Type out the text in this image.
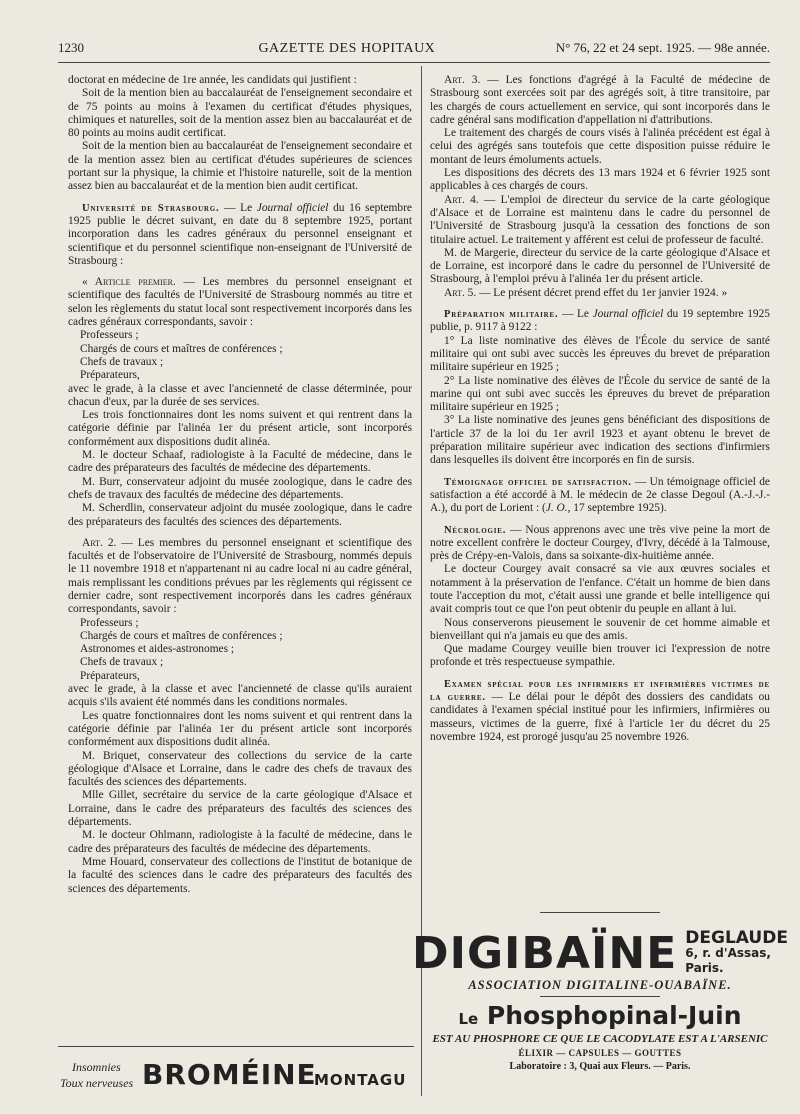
1230	GAZETTE DES HOPITAUX	N° 76, 22 et 24 sept. 1925. — 98e année.

doctorat en médecine de 1re année, les candidats qui justifient :

Soit de la mention bien au baccalauréat de l'enseignement secondaire et de 75 points au moins à l'examen du certificat d'études physiques, chimiques et naturelles, soit de la mention assez bien au baccalauréat et de 80 points au moins audit certificat.

Soit de la mention bien au baccalauréat de l'enseignement secondaire et de la mention assez bien au certificat d'études supérieures de sciences portant sur la physique, la chimie et l'histoire naturelle, soit de la mention assez bien au baccalauréat et de la mention bien audit certificat.

Université de Strasbourg. — Le Journal officiel du 16 septembre 1925 publie le décret suivant, en date du 8 septembre 1925, portant incorporation dans les cadres généraux du personnel enseignant et scientifique et du personnel scientifique non-enseignant de l'Université de Strasbourg :

« Article premier. — Les membres du personnel enseignant et scientifique des facultés de l'Université de Strasbourg nommés au titre et selon les règlements du statut local sont respectivement incorporés dans les cadres généraux correspondants, savoir :

Professeurs ;

Chargés de cours et maîtres de conférences ;

Chefs de travaux ;

Préparateurs,

avec le grade, à la classe et avec l'ancienneté de classe déterminée, pour chacun d'eux, par la durée de ses services.

Les trois fonctionnaires dont les noms suivent et qui rentrent dans la catégorie définie par l'alinéa 1er du présent article, sont incorporés conformément aux dispositions dudit alinéa.

M. le docteur Schaaf, radiologiste à la Faculté de médecine, dans le cadre des préparateurs des facultés de médecine des départements.

M. Burr, conservateur adjoint du musée zoologique, dans le cadre des chefs de travaux des facultés de médecine des départements.

M. Scherdlin, conservateur adjoint du musée zoologique, dans le cadre des préparateurs des facultés des sciences des départements.

Art. 2. — Les membres du personnel enseignant et scientifique des facultés et de l'observatoire de l'Université de Strasbourg, nommés depuis le 11 novembre 1918 et n'appartenant ni au cadre local ni au cadre général, mais remplissant les conditions prévues par les règlements qui régissent ce dernier cadre, sont respectivement incorporés dans les cadres généraux correspondants, savoir :

Professeurs ;

Chargés de cours et maîtres de conférences ;

Astronomes et aides-astronomes ;

Chefs de travaux ;

Préparateurs,

avec le grade, à la classe et avec l'ancienneté de classe qu'ils auraient acquis s'ils avaient été nommés dans les conditions normales.

Les quatre fonctionnaires dont les noms suivent et qui rentrent dans la catégorie définie par l'alinéa 1er du présent article sont incorporés conformément aux dispositions dudit alinéa.

M. Briquet, conservateur des collections du service de la carte géologique d'Alsace et Lorraine, dans le cadre des chefs de travaux des facultés des sciences des départements.

Mlle Gillet, secrétaire du service de la carte géologique d'Alsace et Lorraine, dans le cadre des préparateurs des facultés des sciences des départements.

M. le docteur Ohlmann, radiologiste à la faculté de médecine, dans le cadre des préparateurs des facultés de médecine des départements.

Mme Houard, conservateur des collections de l'institut de botanique de la faculté des sciences dans le cadre des préparateurs des facultés des sciences des départements.

Art. 3. — Les fonctions d'agrégé à la Faculté de médecine de Strasbourg sont exercées soit par des agrégés soit, à titre transitoire, par les chargés de cours actuellement en service, qui sont incorporés dans le cadre général sans modification d'appellation ni d'attributions.

Le traitement des chargés de cours visés à l'alinéa précédent est égal à celui des agrégés sans toutefois que cette disposition puisse réduire le montant de leurs émoluments actuels.

Les dispositions des décrets des 13 mars 1924 et 6 février 1925 sont applicables à ces chargés de cours.

Art. 4. — L'emploi de directeur du service de la carte géologique d'Alsace et de Lorraine est maintenu dans le cadre du personnel de l'Université de Strasbourg jusqu'à la cessation des fonctions de son titulaire actuel. Le traitement y afférent est celui de professeur de faculté.

M. de Margerie, directeur du service de la carte géologique d'Alsace et de Lorraine, est incorporé dans le cadre du personnel de l'Université de Strasbourg, à l'emploi prévu à l'alinéa 1er du présent article.

Art. 5. — Le présent décret prend effet du 1er janvier 1924. »

Préparation militaire. — Le Journal officiel du 19 septembre 1925 publie, p. 9117 à 9122 :

1° La liste nominative des élèves de l'École du service de santé militaire qui ont subi avec succès les épreuves du brevet de préparation militaire supérieur en 1925 ;

2° La liste nominative des élèves de l'École du service de santé de la marine qui ont subi avec succès les épreuves du brevet de préparation militaire supérieur en 1925 ;

3° La liste nominative des jeunes gens bénéficiant des dispositions de l'article 37 de la loi du 1er avril 1923 et ayant obtenu le brevet de préparation militaire supérieur avec indication des sections d'infirmiers dans lesquelles ils doivent être incorporés en fin de sursis.

Témoignage officiel de satisfaction. — Un témoignage officiel de satisfaction a été accordé à M. le médecin de 2e classe Degoul (A.-J.-J.-A.), du port de Lorient : (J. O., 17 septembre 1925).

Nécrologie. — Nous apprenons avec une très vive peine la mort de notre excellent confrère le docteur Courgey, d'Ivry, décédé à la Talmouse, près de Crépy-en-Valois, dans sa soixante-dix-huitième année.

Le docteur Courgey avait consacré sa vie aux œuvres sociales et notamment à la préservation de l'enfance. C'était un homme de bien dans toute l'acception du mot, c'était aussi une grande et belle intelligence qui avait compris tout ce que l'on peut obtenir du peuple en allant à lui.

Nous conserverons pieusement le souvenir de cet homme aimable et bienveillant qui n'a jamais eu que des amis.

Que madame Courgey veuille bien trouver ici l'expression de notre profonde et très respectueuse sympathie.

Examen spécial pour les infirmiers et infirmières victimes de la guerre. — Le délai pour le dépôt des dossiers des candidats ou candidates à l'examen spécial institué pour les infirmiers, infirmières ou masseurs, victimes de la guerre, fixé à l'article 1er du décret du 25 novembre 1924, est prorogé jusqu'au 25 novembre 1926.

DIGIBAÏNE DEGLAUDE
6, r. d'Assas, Paris.
ASSOCIATION DIGITALINE-OUABAÏNE.
Le Phosphopinal-Juin
EST AU PHOSPHORE CE QUE LE CACODYLATE EST A L'ARSENIC
ÉLIXIR — CAPSULES — GOUTTES
Laboratoire : 3, Quai aux Fleurs. — Paris.
Insomnies
Toux nerveuses BROMÉINE
MONTAGU
